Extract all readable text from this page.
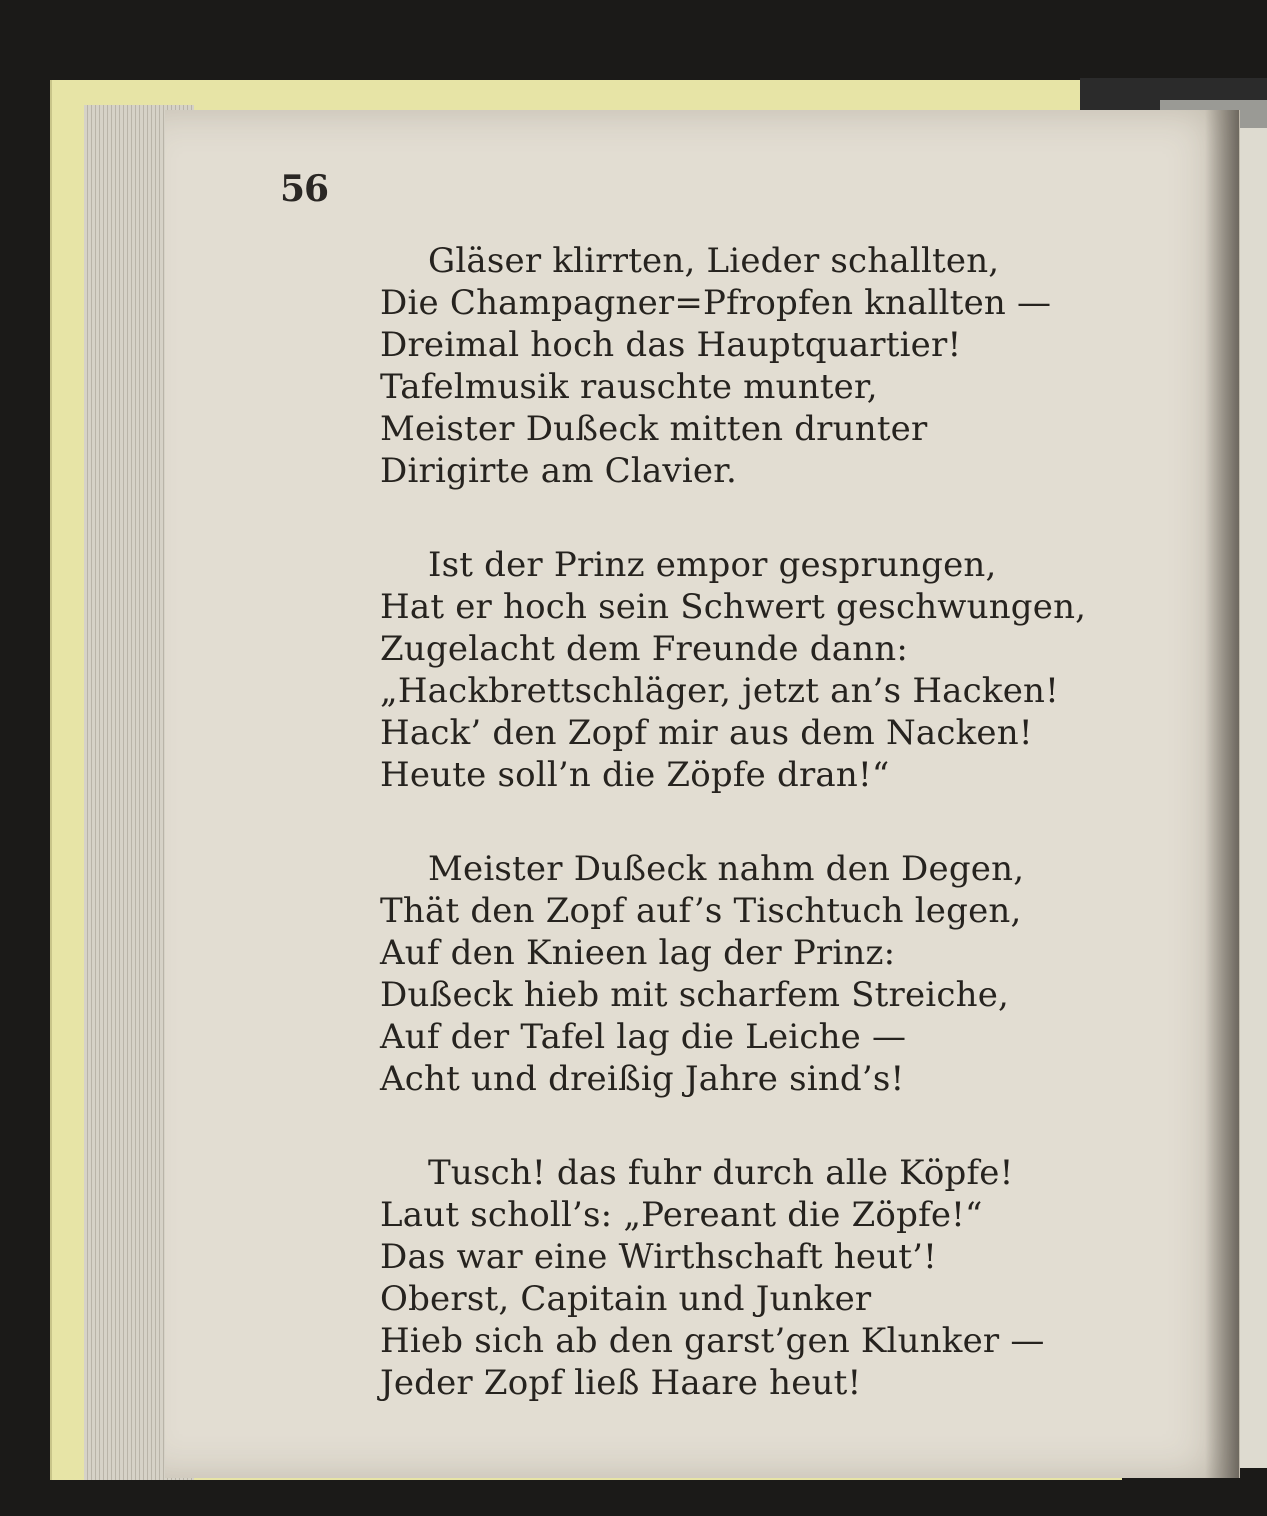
56
Gläser klirrten, Lieder schallten,
Die Champagner=Pfropfen knallten —
Dreimal hoch das Hauptquartier!
Tafelmusik rauschte munter,
Meister Dußeck mitten drunter
Dirigirte am Clavier.
Ist der Prinz empor gesprungen,
Hat er hoch sein Schwert geschwungen,
Zugelacht dem Freunde dann:
„Hackbrettschläger, jetzt an’s Hacken!
Hack’ den Zopf mir aus dem Nacken!
Heute soll’n die Zöpfe dran!“
Meister Dußeck nahm den Degen,
Thät den Zopf auf’s Tischtuch legen,
Auf den Knieen lag der Prinz:
Dußeck hieb mit scharfem Streiche,
Auf der Tafel lag die Leiche —
Acht und dreißig Jahre sind’s!
Tusch! das fuhr durch alle Köpfe!
Laut scholl’s: „Pereant die Zöpfe!“
Das war eine Wirthschaft heut’!
Oberst, Capitain und Junker
Hieb sich ab den garst’gen Klunker —
Jeder Zopf ließ Haare heut!
